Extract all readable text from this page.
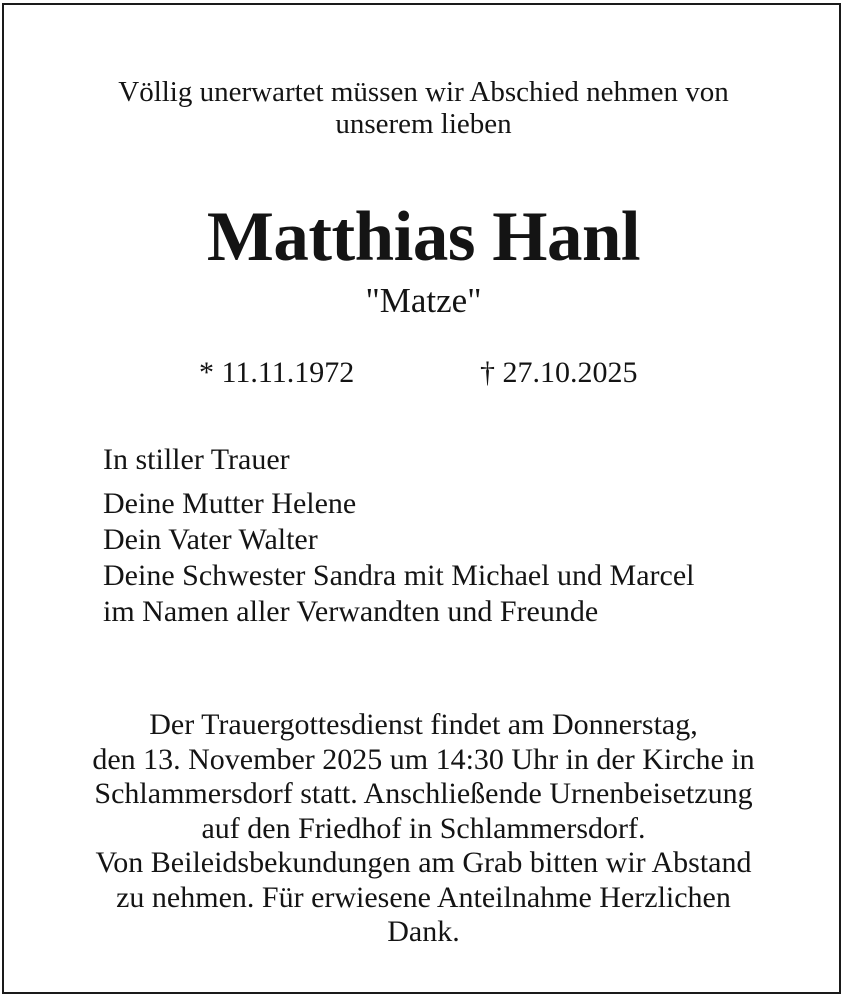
Völlig unerwartet müssen wir Abschied nehmen von
unserem lieben
Matthias Hanl
"Matze"
* 11.11.1972	† 27.10.2025
In stiller Trauer
Deine Mutter Helene
Dein Vater Walter
Deine Schwester Sandra mit Michael und Marcel
im Namen aller Verwandten und Freunde
Der Trauergottesdienst findet am Donnerstag,
den 13. November 2025 um 14:30 Uhr in der Kirche in
Schlammersdorf statt. Anschließende Urnenbeisetzung
auf den Friedhof in Schlammersdorf.
Von Beileidsbekundungen am Grab bitten wir Abstand
zu nehmen. Für erwiesene Anteilnahme Herzlichen
Dank.
